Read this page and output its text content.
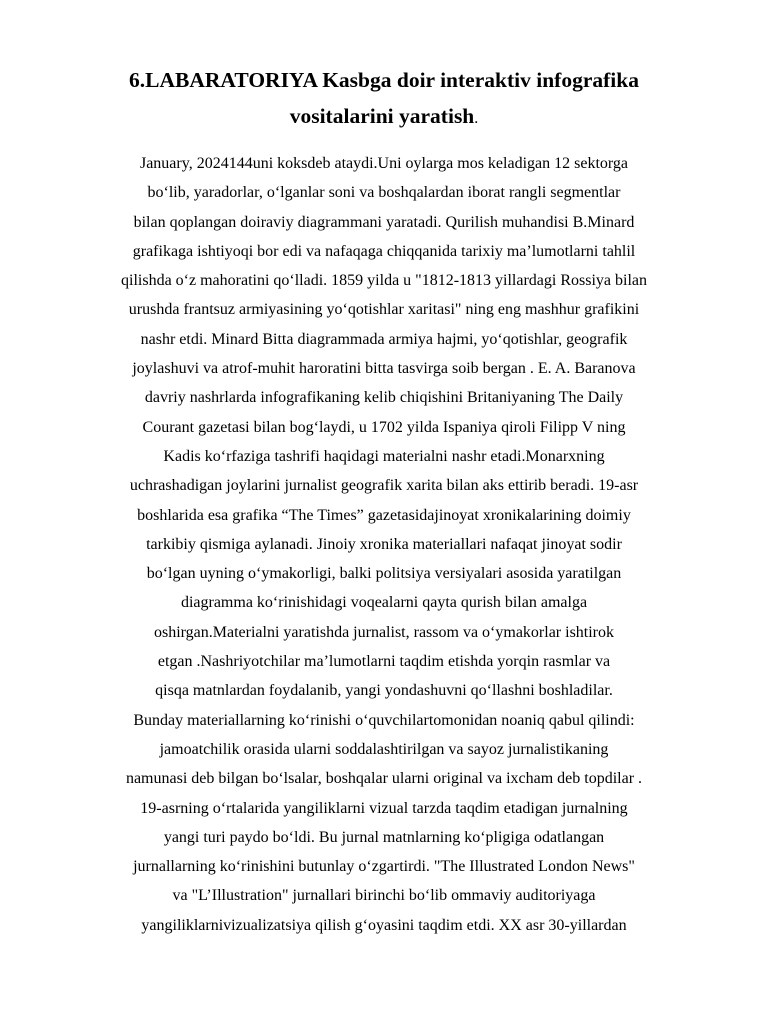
6.LABARATORIYA Kasbga doir interaktiv infografika
vositalarini yaratish.
January, 2024144uni koksdeb ataydi.Uni oylarga mos keladigan 12 sektorga
bo‘lib, yaradorlar, o‘lganlar soni va boshqalardan iborat rangli segmentlar
bilan qoplangan doiraviy diagrammani yaratadi. Qurilish muhandisi B.Minard
grafikaga ishtiyoqi bor edi va nafaqaga chiqqanida tarixiy ma’lumotlarni tahlil
qilishda o‘z mahoratini qo‘lladi. 1859 yilda u "1812-1813 yillardagi Rossiya bilan
urushda frantsuz armiyasining yo‘qotishlar xaritasi" ning eng mashhur grafikini
nashr etdi. Minard Bitta diagrammada armiya hajmi, yo‘qotishlar, geografik
joylashuvi va atrof-muhit haroratini bitta tasvirga soib bergan . E. A. Baranova
davriy nashrlarda infografikaning kelib chiqishini Britaniyaning The Daily
Courant gazetasi bilan bog‘laydi, u 1702 yilda Ispaniya qiroli Filipp V ning
Kadis ko‘rfaziga tashrifi haqidagi materialni nashr etadi.Monarxning
uchrashadigan joylarini jurnalist geografik xarita bilan aks ettirib beradi. 19-asr
boshlarida esa grafika “The Times” gazetasidajinoyat xronikalarining doimiy
tarkibiy qismiga aylanadi. Jinoiy xronika materiallari nafaqat jinoyat sodir
bo‘lgan uyning o‘ymakorligi, balki politsiya versiyalari asosida yaratilgan
diagramma ko‘rinishidagi voqealarni qayta qurish bilan amalga
oshirgan.Materialni yaratishda jurnalist, rassom va o‘ymakorlar ishtirok
etgan .Nashriyotchilar ma’lumotlarni taqdim etishda yorqin rasmlar va
qisqa matnlardan foydalanib, yangi yondashuvni qo‘llashni boshladilar.
Bunday materiallarning ko‘rinishi o‘quvchilartomonidan noaniq qabul qilindi:
jamoatchilik orasida ularni soddalashtirilgan va sayoz jurnalistikaning
namunasi deb bilgan bo‘lsalar, boshqalar ularni original va ixcham deb topdilar .
19-asrning o‘rtalarida yangiliklarni vizual tarzda taqdim etadigan jurnalning
yangi turi paydo bo‘ldi. Bu jurnal matnlarning ko‘pligiga odatlangan
jurnallarning ko‘rinishini butunlay o‘zgartirdi. "The Illustrated London News"
va "L’Illustration" jurnallari birinchi bo‘lib ommaviy auditoriyaga
yangiliklarnivizualizatsiya qilish g‘oyasini taqdim etdi. XX asr 30-yillardan
